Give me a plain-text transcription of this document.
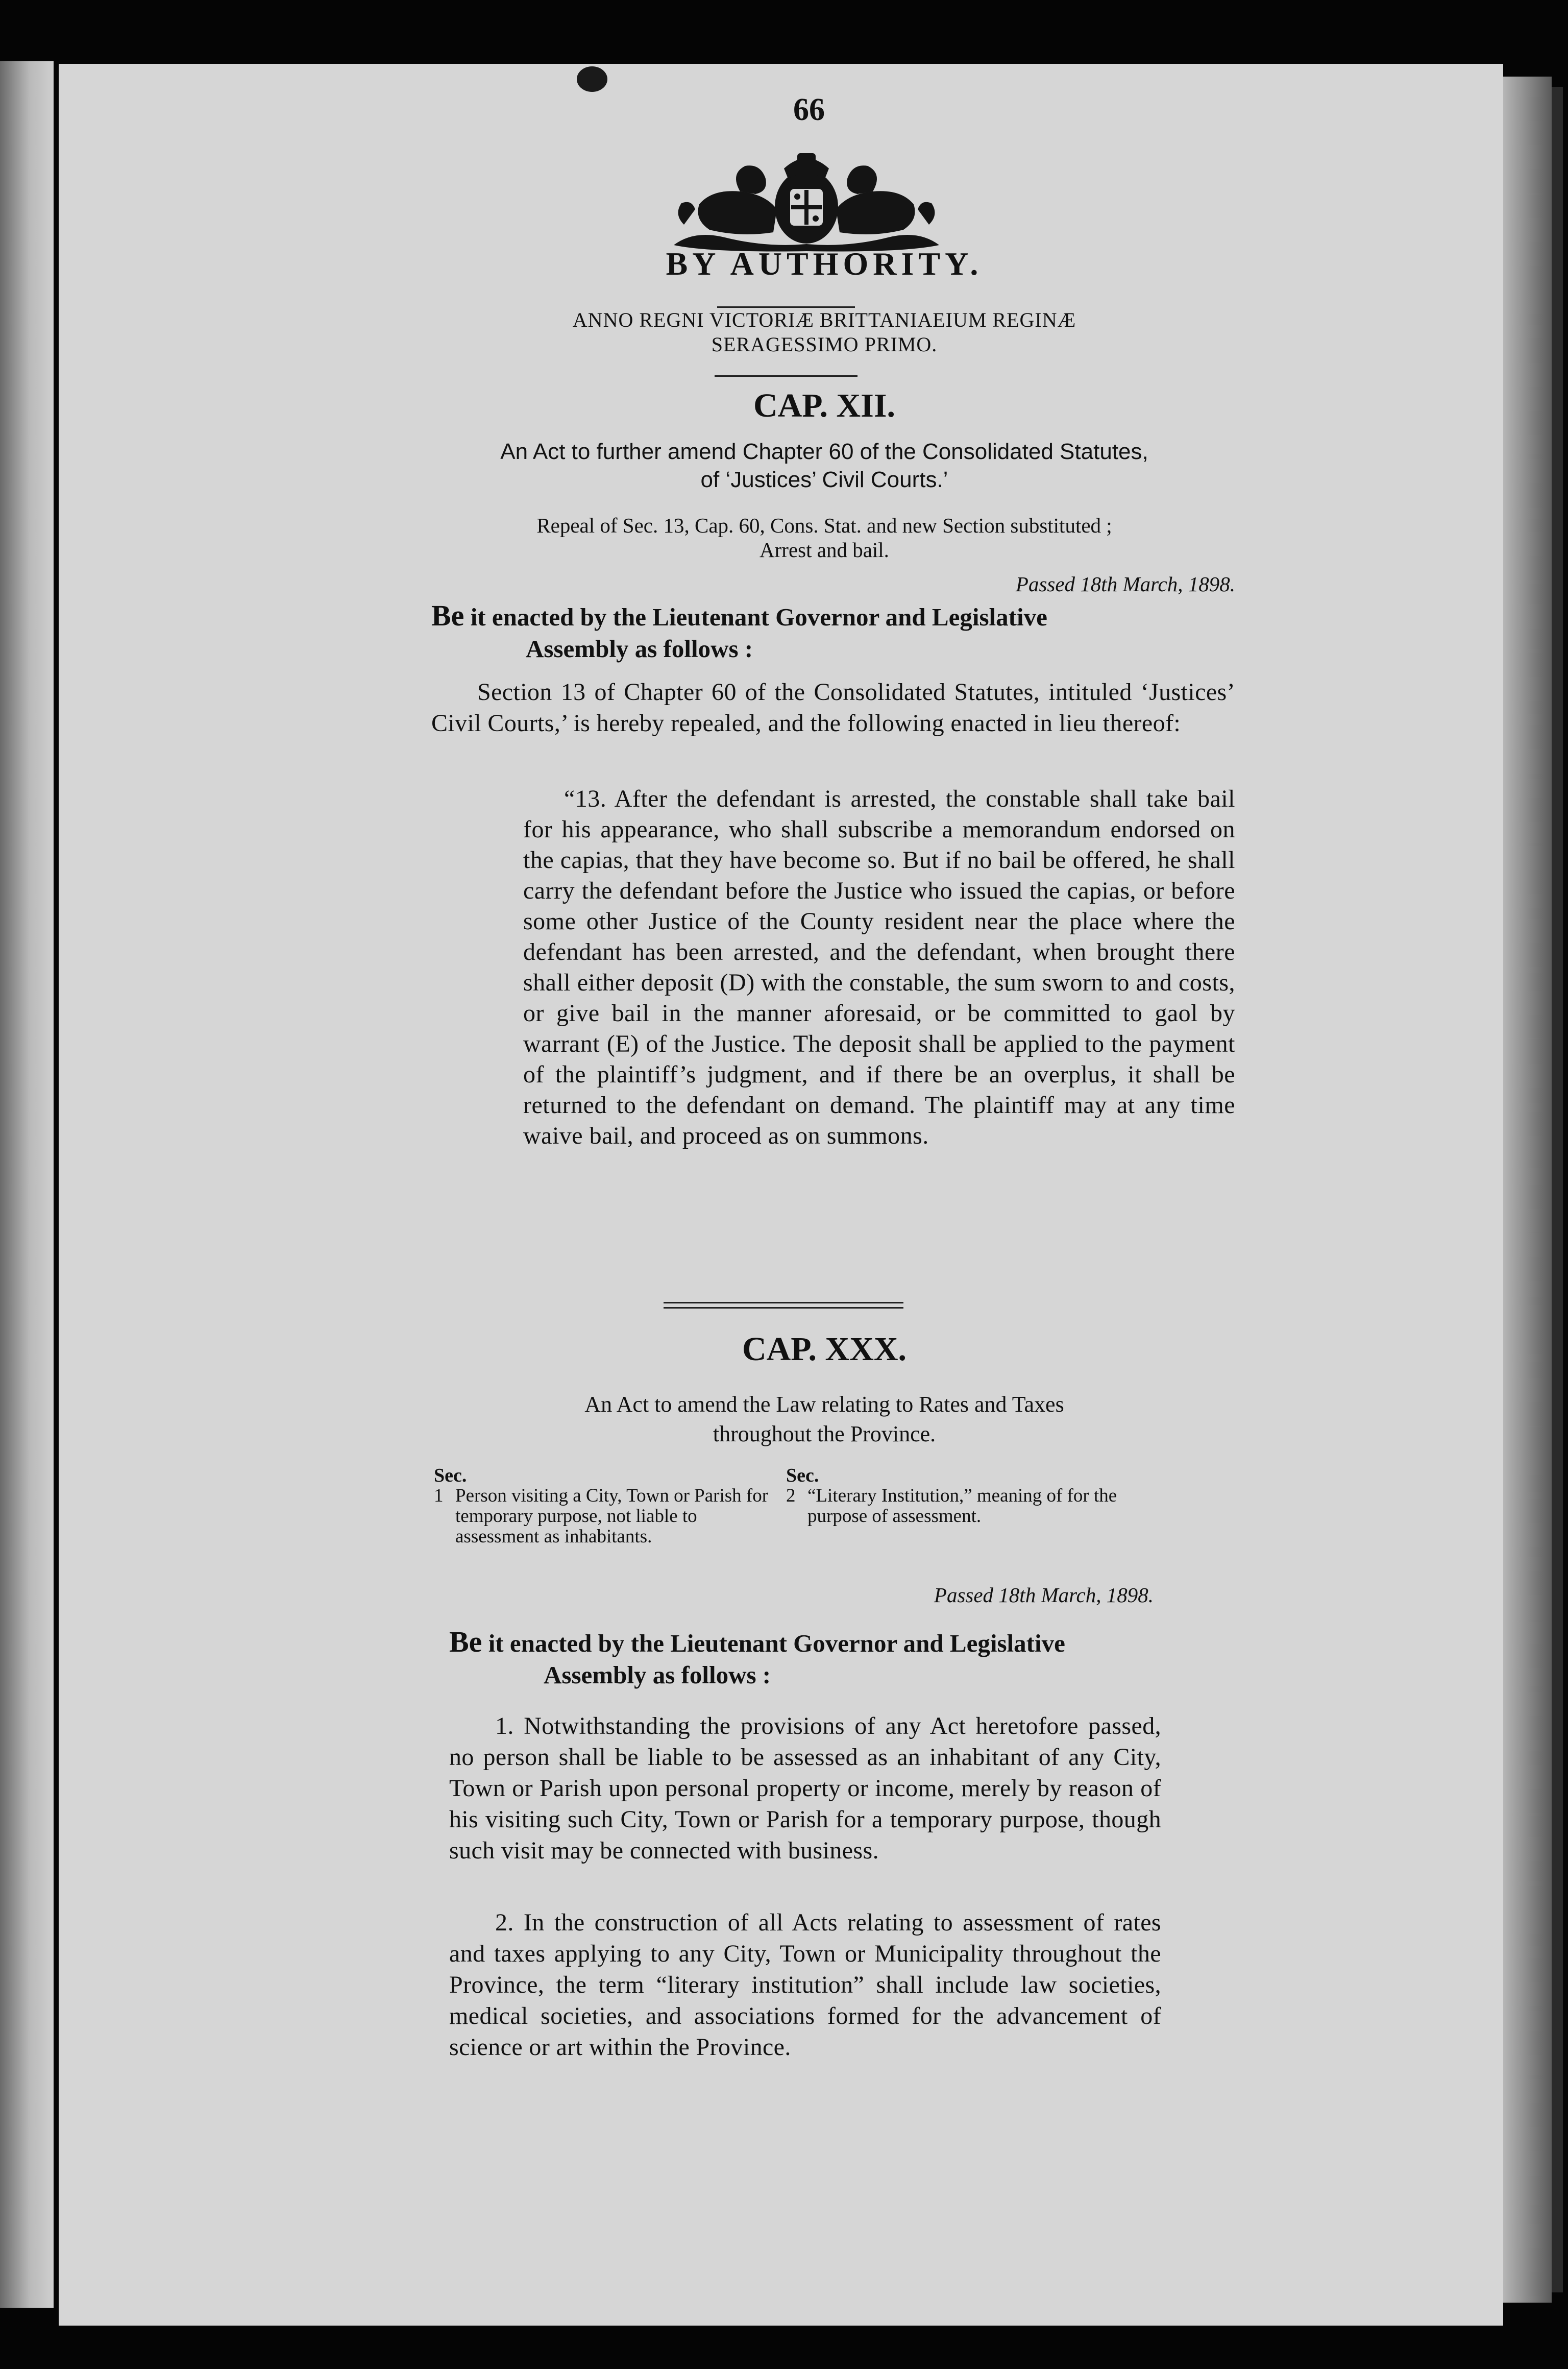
66
BY AUTHORITY.
ANNO REGNI VICTORIÆ BRITTANIAEIUM REGINÆ
SERAGESSIMO PRIMO.
CAP. XII.
An Act to further amend Chapter 60 of the Consolidated Statutes,
of ‘Justices’ Civil Courts.’
Repeal of Sec. 13, Cap. 60, Cons. Stat. and new Section substituted ;
Arrest and bail.
Passed 18th March, 1898.
Be it enacted by the Lieutenant Governor and Legislative
Assembly as follows :
Section 13 of Chapter 60 of the Consolidated Statutes, intituled ‘Justices’ Civil Courts,’ is hereby repealed, and the following enacted in lieu thereof:
“13. After the defendant is arrested, the constable shall take bail for his appearance, who shall subscribe a memorandum endorsed on the capias, that they have become so. But if no bail be offered, he shall carry the defendant before the Justice who issued the capias, or before some other Justice of the County resident near the place where the defendant has been arrested, and the defendant, when brought there shall either deposit (D) with the constable, the sum sworn to and costs, or give bail in the manner aforesaid, or be committed to gaol by warrant (E) of the Justice. The deposit shall be applied to the payment of the plaintiff’s judgment, and if there be an overplus, it shall be returned to the defendant on demand. The plaintiff may at any time waive bail, and proceed as on summons.
CAP. XXX.
An Act to amend the Law relating to Rates and Taxes
throughout the Province.
Sec.
1 Person visiting a City, Town or Parish for temporary purpose, not liable to assessment as inhabitants.
Sec.
2 “Literary Institution,” meaning of for the purpose of assessment.
Passed 18th March, 1898.
Be it enacted by the Lieutenant Governor and Legislative
Assembly as follows :
1. Notwithstanding the provisions of any Act heretofore passed, no person shall be liable to be assessed as an inhabitant of any City, Town or Parish upon personal property or income, merely by reason of his visiting such City, Town or Parish for a temporary purpose, though such visit may be connected with business.
2. In the construction of all Acts relating to assessment of rates and taxes applying to any City, Town or Municipality throughout the Province, the term “literary institution” shall include law societies, medical societies, and associations formed for the advancement of science or art within the Province.
